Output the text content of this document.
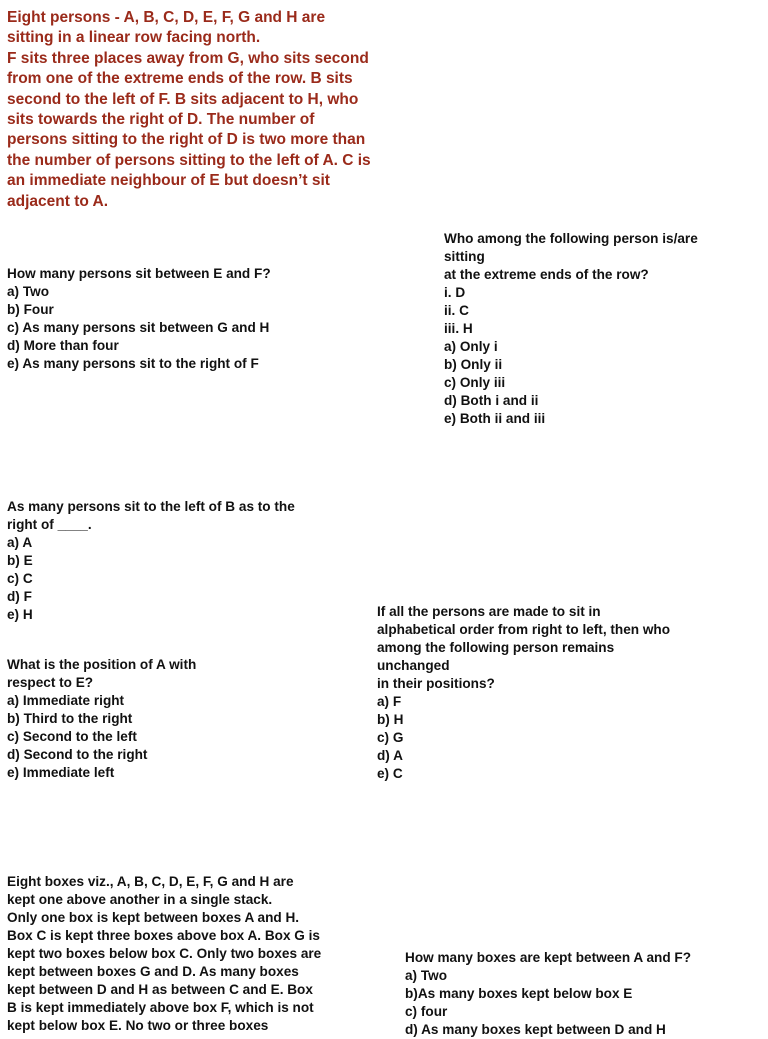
Eight persons - A, B, C, D, E, F, G and H are
sitting in a linear row facing north.
F sits three places away from G, who sits second
from one of the extreme ends of the row. B sits
second to the left of F. B sits adjacent to H, who
sits towards the right of D. The number of
persons sitting to the right of D is two more than
the number of persons sitting to the left of A. C is
an immediate neighbour of E but doesn’t sit
adjacent to A.
Who among the following person is/are
sitting
at the extreme ends of the row?
i. D
ii. C
iii. H
a) Only i
b) Only ii
c) Only iii
d) Both i and ii
e) Both ii and iii
How many persons sit between E and F?
a) Two
b) Four
c) As many persons sit between G and H
d) More than four
e) As many persons sit to the right of F
As many persons sit to the left of B as to the
right of ____.
a) A
b) E
c) C
d) F
e) H	If all the persons are made to sit in
alphabetical order from right to left, then who
among the following person remains
unchanged
in their positions?
a) F
b) H
c) G
d) A
e) C
What is the position of A with
respect to E?
a) Immediate right
b) Third to the right
c) Second to the left
d) Second to the right
e) Immediate left
Eight boxes viz., A, B, C, D, E, F, G and H are
kept one above another in a single stack.
Only one box is kept between boxes A and H.
Box C is kept three boxes above box A. Box G is
kept two boxes below box C. Only two boxes are
kept between boxes G and D. As many boxes
kept between D and H as between C and E. Box
B is kept immediately above box F, which is not
kept below box E. No two or three boxes
How many boxes are kept between A and F?
a) Two
b)As many boxes kept below box E
c) four
d) As many boxes kept between D and H
